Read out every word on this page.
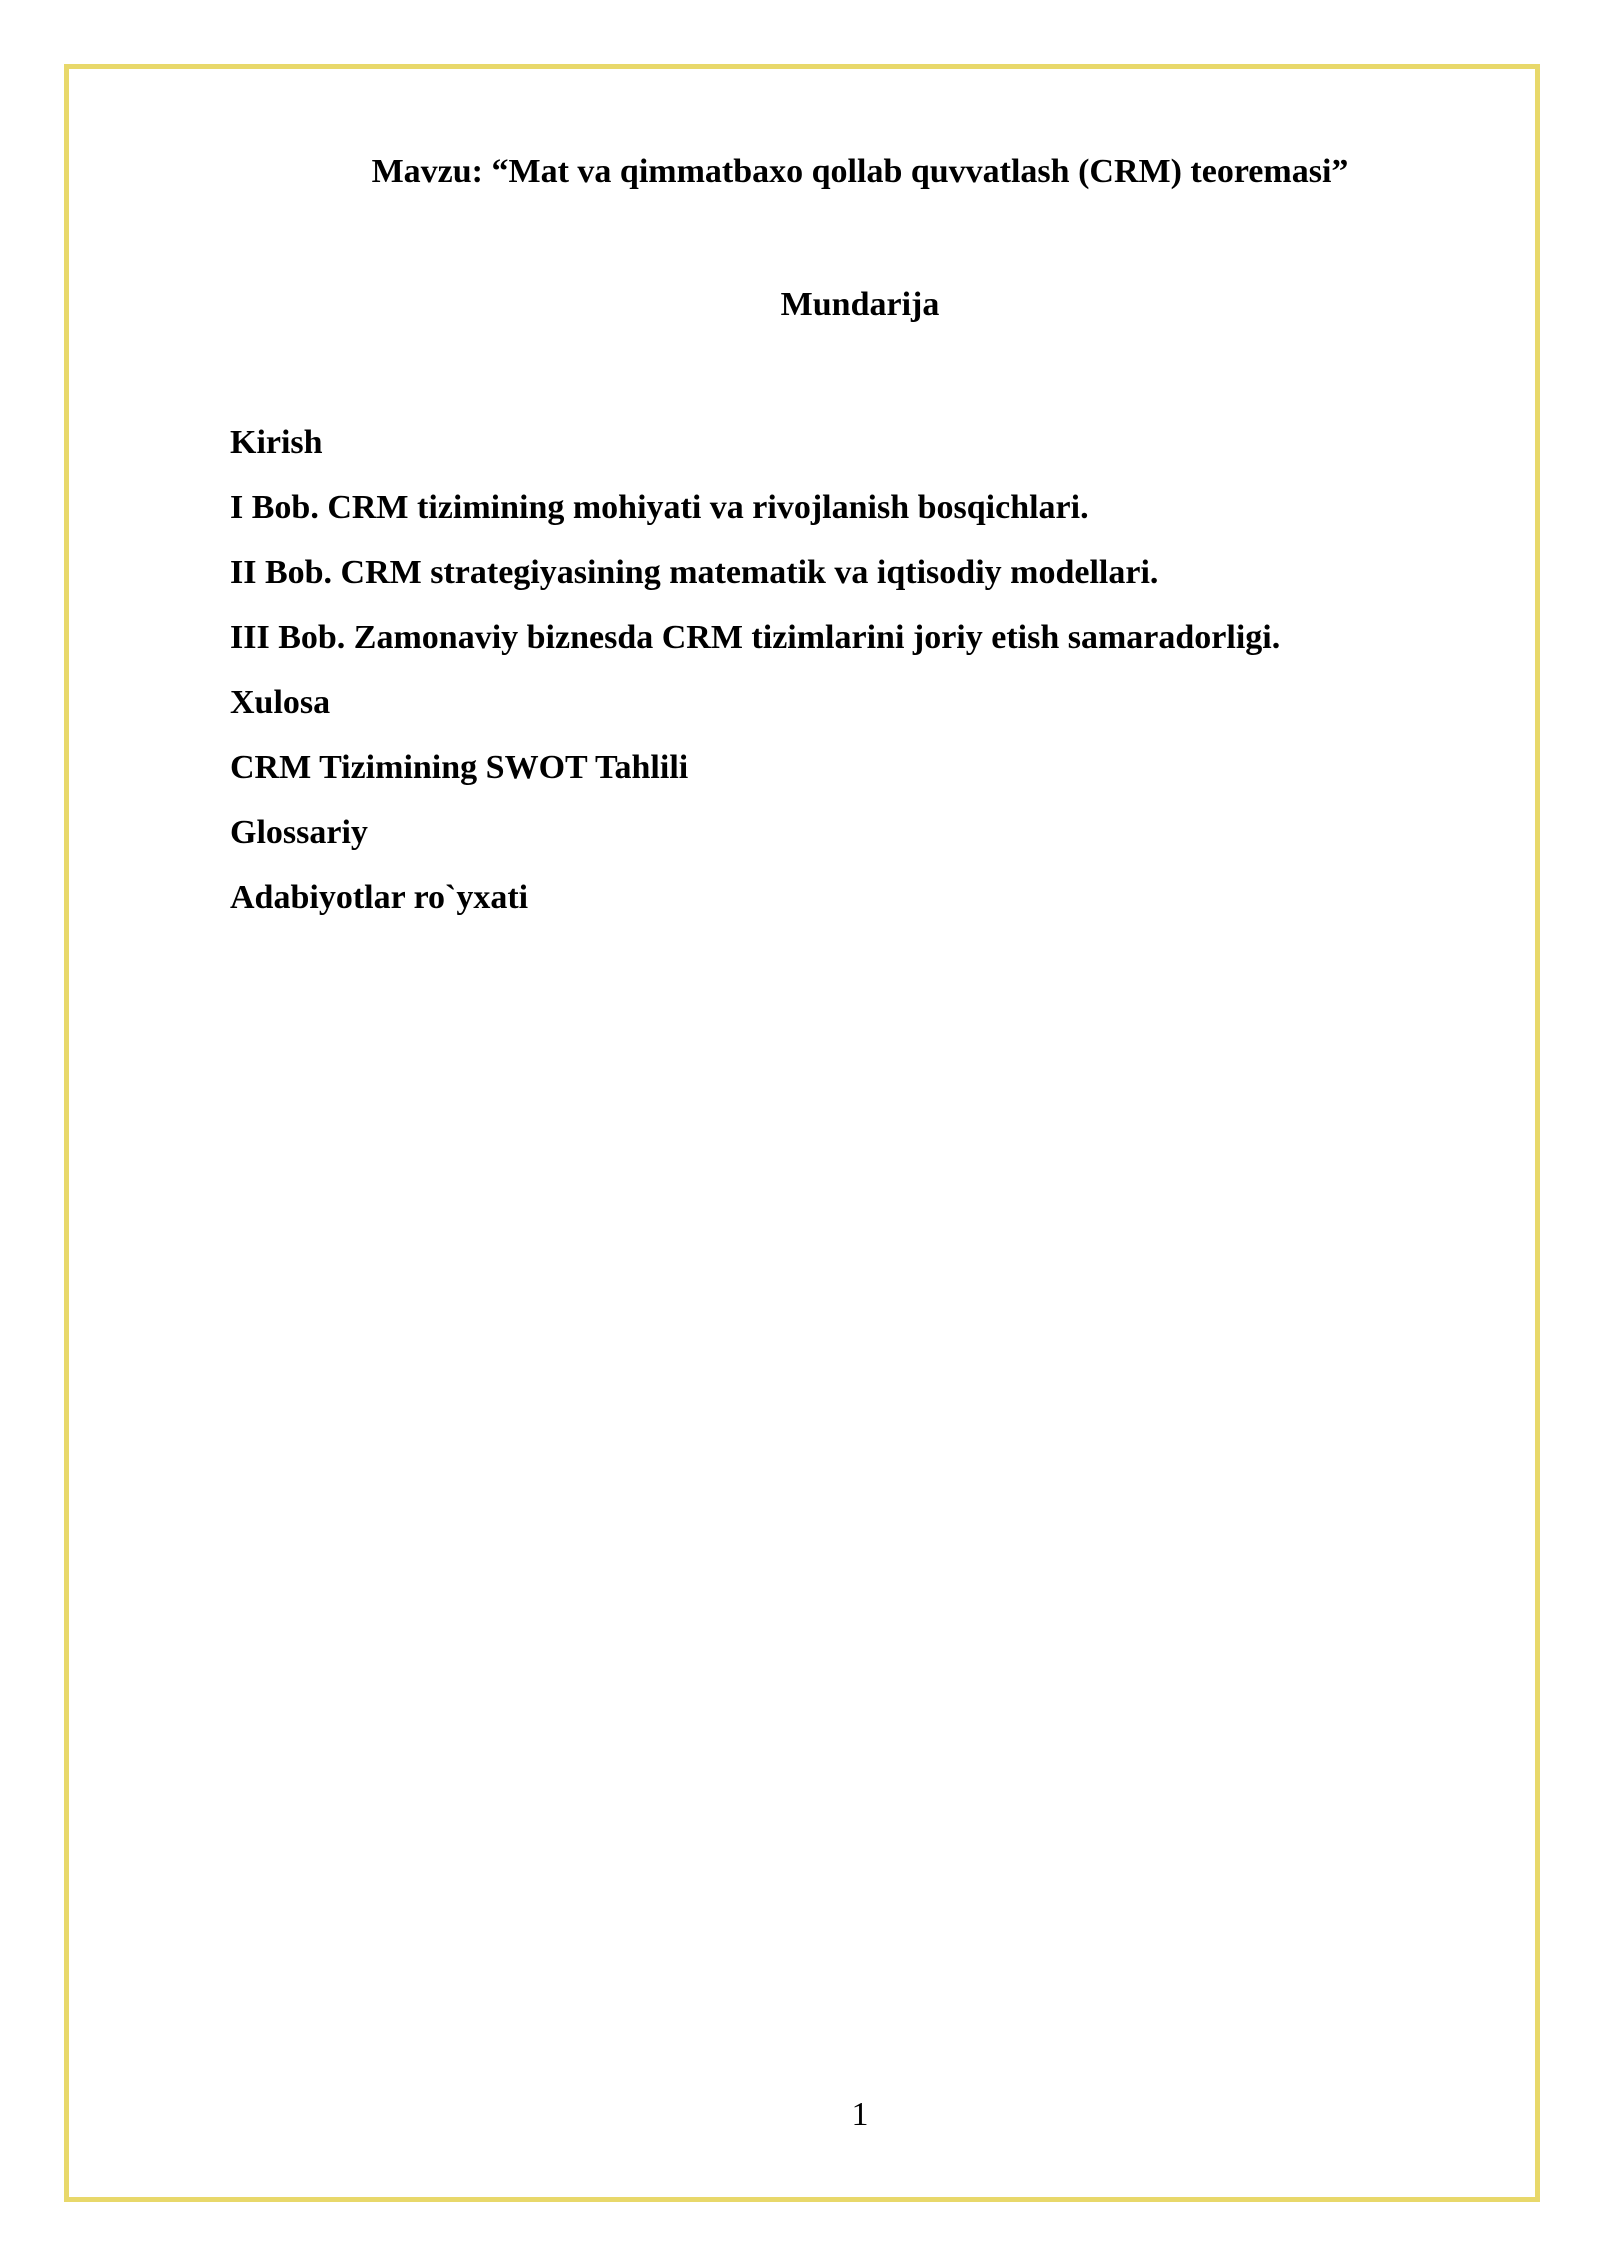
Mavzu: “Mat va qimmatbaxo qollab quvvatlash (CRM) teoremasi”
Mundarija
Kirish
I Bob. CRM tizimining mohiyati va rivojlanish bosqichlari.
II Bob. CRM strategiyasining matematik va iqtisodiy modellari.
III Bob. Zamonaviy biznesda CRM tizimlarini joriy etish samaradorligi.
Xulosa
CRM Tizimining SWOT Tahlili
Glossariy
Adabiyotlar ro`yxati
1
